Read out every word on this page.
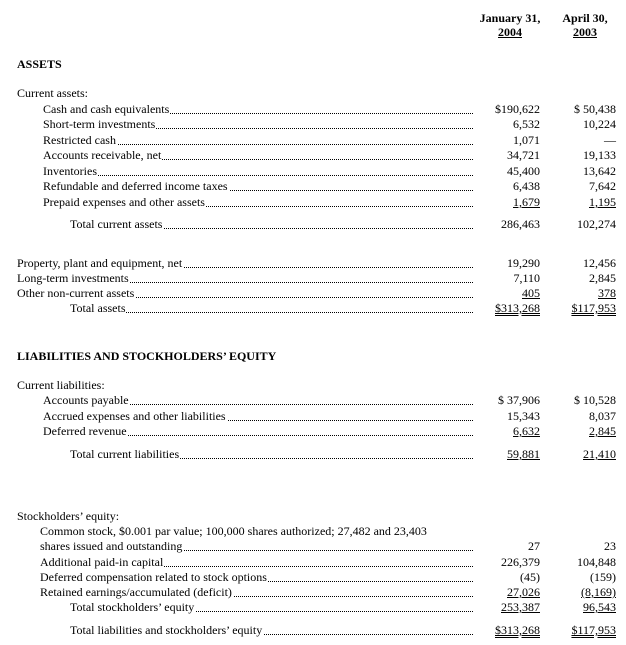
January 31,
2004
April 30,
2003
ASSETS
Current assets:
Cash and cash equivalents	$190,622	$ 50,438
Short-term investments	6,532	10,224
Restricted cash	1,071	—
Accounts receivable, net	34,721	19,133
Inventories	45,400	13,642
Refundable and deferred income taxes	6,438	7,642
Prepaid expenses and other assets	1,679	1,195
Total current assets	286,463	102,274
Property, plant and equipment, net	19,290	12,456
Long-term investments	7,110	2,845
Other non-current assets	405	378
Total assets	$313,268	$117,953
LIABILITIES AND STOCKHOLDERS’ EQUITY
Current liabilities:
Accounts payable	$ 37,906	$ 10,528
Accrued expenses and other liabilities	15,343	8,037
Deferred revenue	6,632	2,845
Total current liabilities	59,881	21,410
Stockholders’ equity:
Common stock, $0.001 par value; 100,000 shares authorized; 27,482 and 23,403
shares issued and outstanding	27	23
Additional paid-in capital	226,379	104,848
Deferred compensation related to stock options	(45)	(159)
Retained earnings/accumulated (deficit)	27,026	(8,169)
Total stockholders’ equity	253,387	96,543
Total liabilities and stockholders’ equity	$313,268	$117,953
